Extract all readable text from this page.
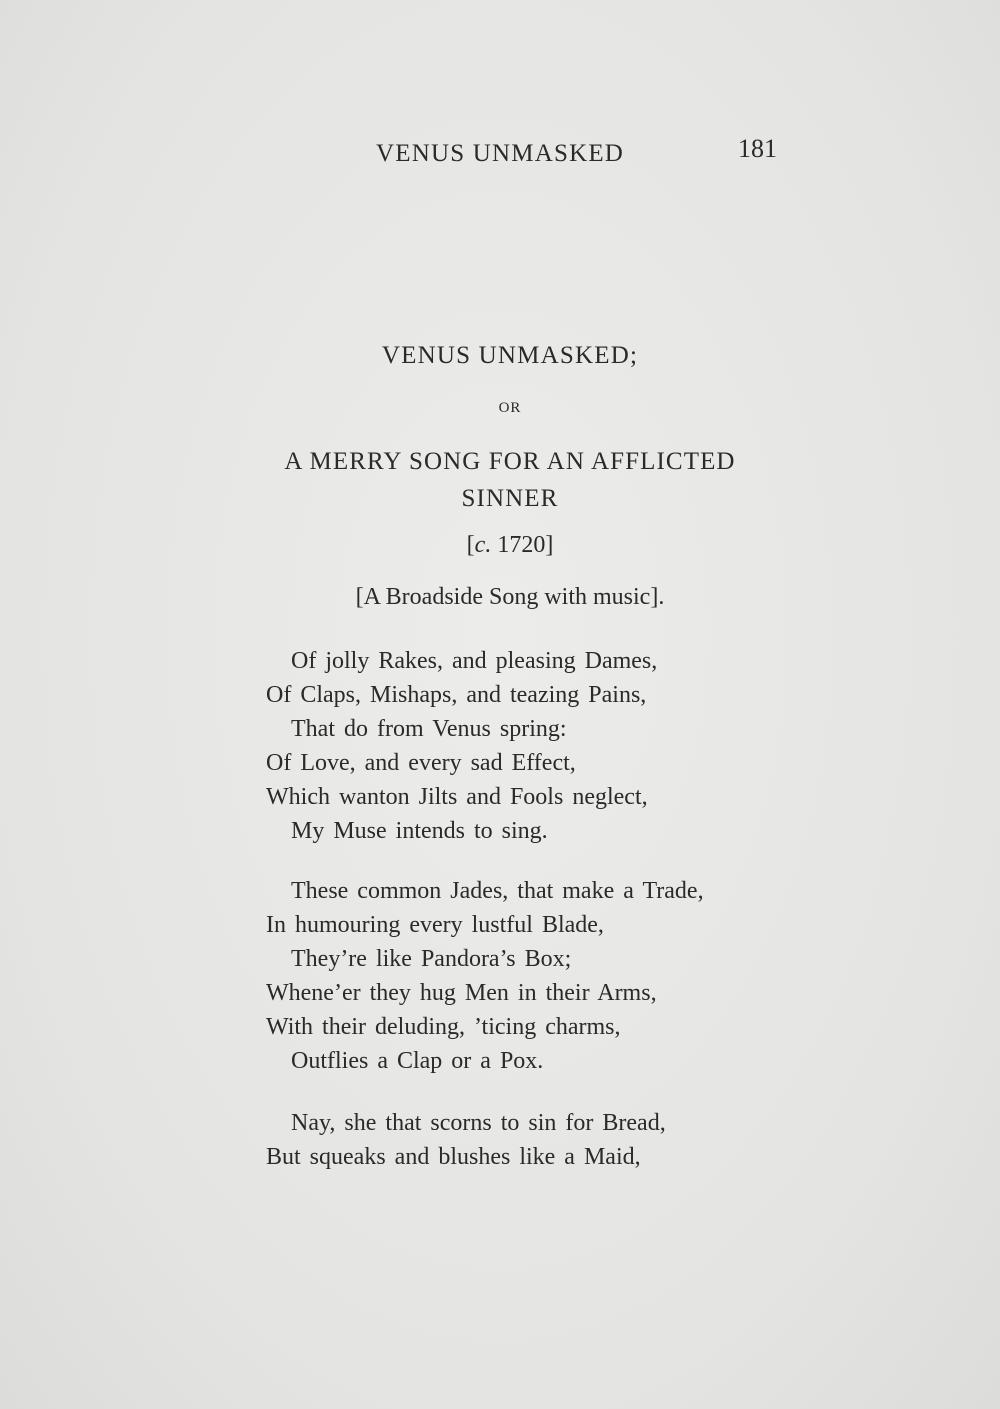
VENUS UNMASKED	181
VENUS UNMASKED;
OR
A MERRY SONG FOR AN AFFLICTED
SINNER
[c. 1720]
[A Broadside Song with music].
Of jolly Rakes, and pleasing Dames,
Of Claps, Mishaps, and teazing Pains,
That do from Venus spring:
Of Love, and every sad Effect,
Which wanton Jilts and Fools neglect,
My Muse intends to sing.
These common Jades, that make a Trade,
In humouring every lustful Blade,
They’re like Pandora’s Box;
Whene’er they hug Men in their Arms,
With their deluding, ’ticing charms,
Outflies a Clap or a Pox.
Nay, she that scorns to sin for Bread,
But squeaks and blushes like a Maid,
